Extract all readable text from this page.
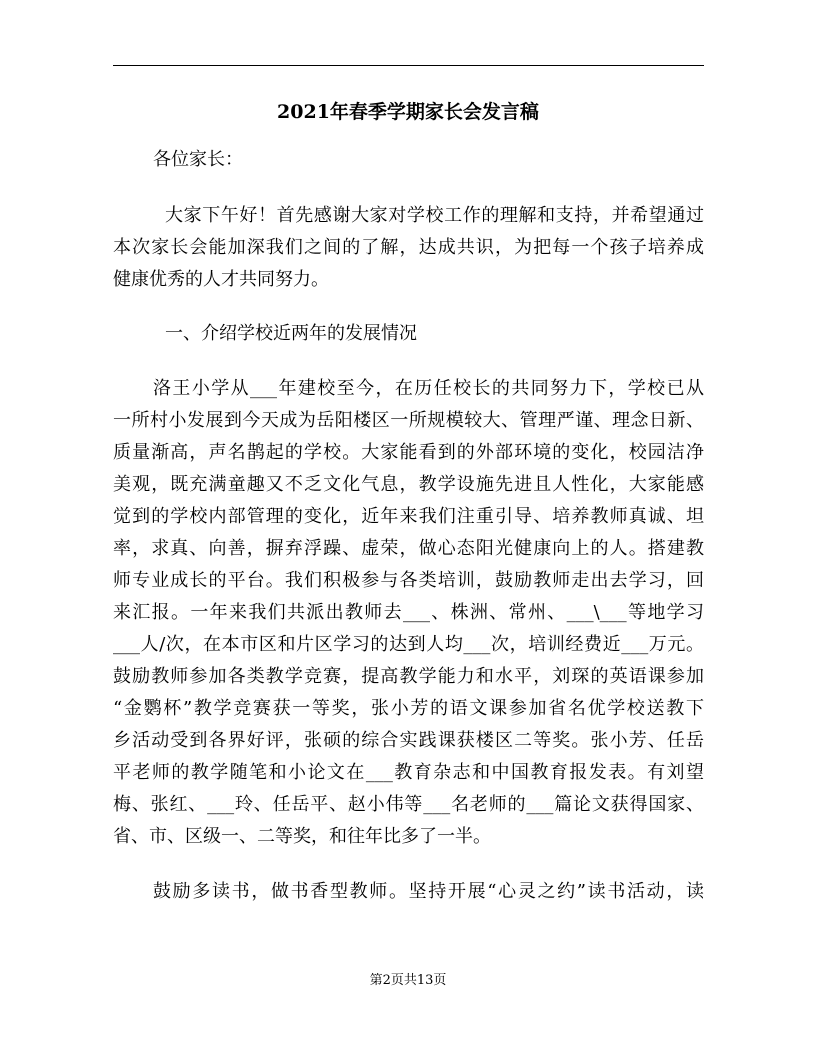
2021年春季学期家长会发言稿

各位家长：

大家下午好！首先感谢大家对学校工作的理解和支持，并希望通过

本次家长会能加深我们之间的了解，达成共识，为把每一个孩子培养成

健康优秀的人才共同努力。

一、介绍学校近两年的发展情况

洛王小学从___年建校至今，在历任校长的共同努力下，学校已从

一所村小发展到今天成为岳阳楼区一所规模较大、管理严谨、理念日新、

质量渐高，声名鹊起的学校。大家能看到的外部环境的变化，校园洁净

美观，既充满童趣又不乏文化气息，教学设施先进且人性化，大家能感

觉到的学校内部管理的变化，近年来我们注重引导、培养教师真诚、坦

率，求真、向善，摒弃浮躁、虚荣，做心态阳光健康向上的人。搭建教

师专业成长的平台。我们积极参与各类培训，鼓励教师走出去学习，回

来汇报。一年来我们共派出教师去___、株洲、常州、___\___等地学习

___人/次，在本市区和片区学习的达到人均___次，培训经费近___万元。

鼓励教师参加各类教学竞赛，提高教学能力和水平，刘琛的英语课参加

“金鹦杯”教学竞赛获一等奖，张小芳的语文课参加省名优学校送教下

乡活动受到各界好评，张硕的综合实践课获楼区二等奖。张小芳、任岳

平老师的教学随笔和小论文在___教育杂志和中国教育报发表。有刘望

梅、张红、___玲、任岳平、赵小伟等___名老师的___篇论文获得国家、

省、市、区级一、二等奖，和往年比多了一半。

鼓励多读书，做书香型教师。坚持开展“心灵之约”读书活动，读

第2页共13页
